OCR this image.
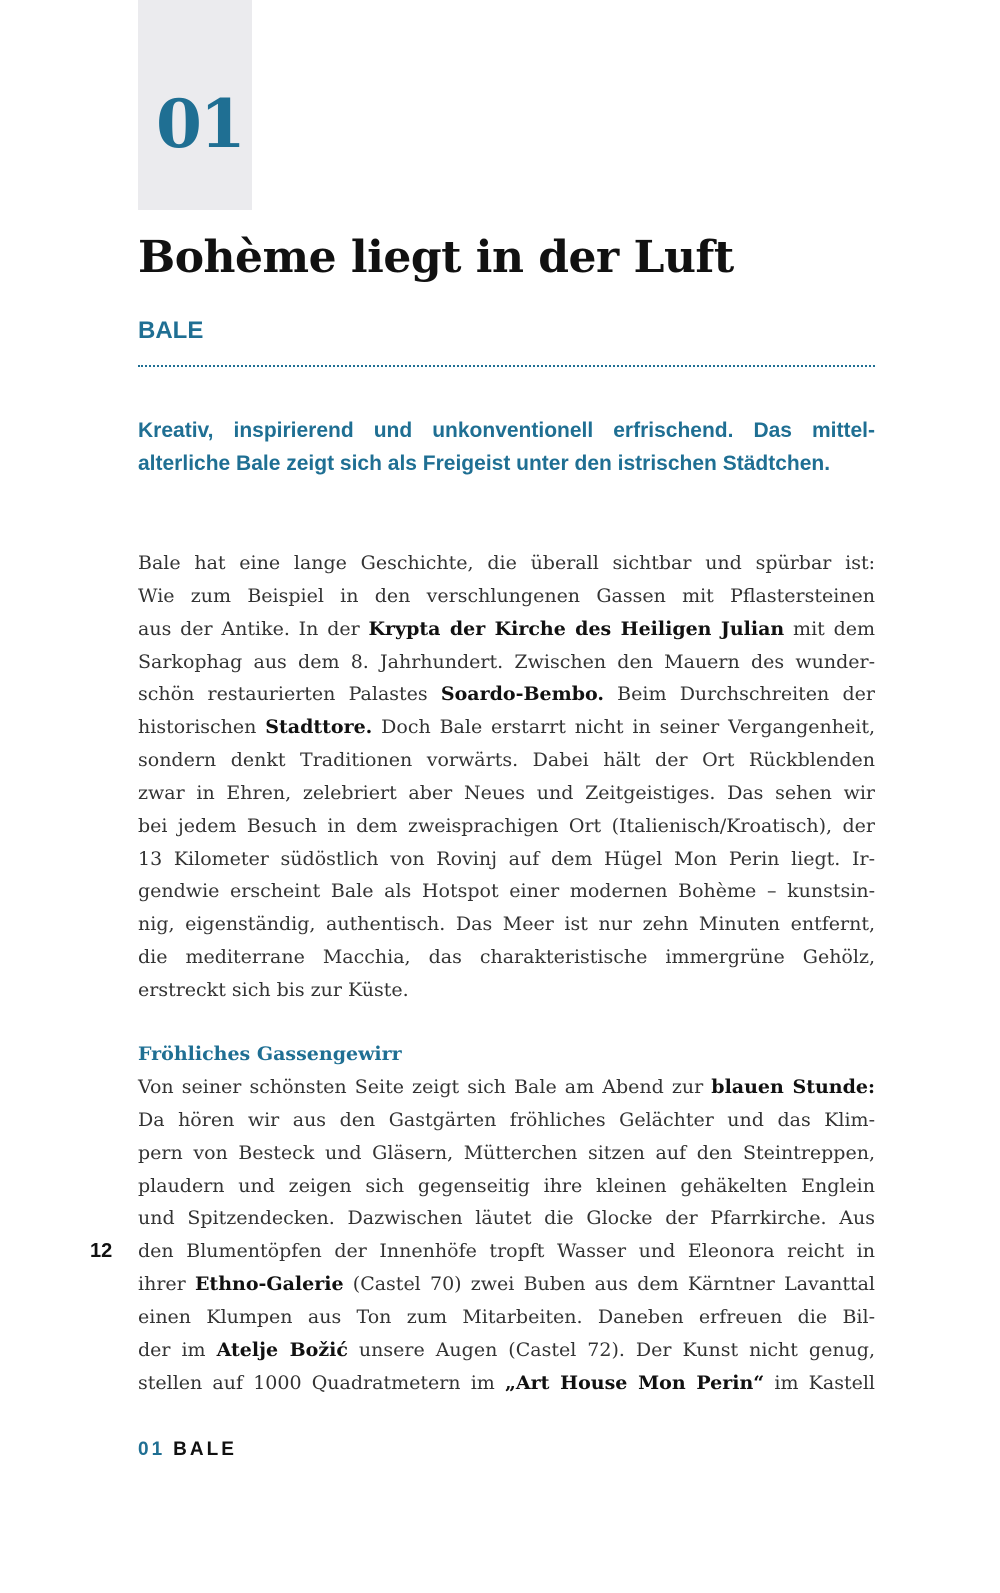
01
Bohème liegt in der Luft
BALE

Kreativ, inspirierend und unkonventionell erfrischend. Das mittel-
alterliche Bale zeigt sich als Freigeist unter den istrischen Städtchen.

Bale hat eine lange Geschichte, die überall sichtbar und spürbar ist:
Wie zum Beispiel in den verschlungenen Gassen mit Pflastersteinen
aus der Antike. In der Krypta der Kirche des Heiligen Julian mit dem
Sarkophag aus dem 8. Jahrhundert. Zwischen den Mauern des wunder-
schön restaurierten Palastes Soardo-Bembo. Beim Durchschreiten der
historischen Stadttore. Doch Bale erstarrt nicht in seiner Vergangenheit,
sondern denkt Traditionen vorwärts. Dabei hält der Ort Rückblenden
zwar in Ehren, zelebriert aber Neues und Zeitgeistiges. Das sehen wir
bei jedem Besuch in dem zweisprachigen Ort (Italienisch/Kroatisch), der
13 Kilometer südöstlich von Rovinj auf dem Hügel Mon Perin liegt. Ir-
gendwie erscheint Bale als Hotspot einer modernen Bohème – kunstsin-
nig, eigenständig, authentisch. Das Meer ist nur zehn Minuten entfernt,
die mediterrane Macchia, das charakteristische immergrüne Gehölz,
erstreckt sich bis zur Küste.

Fröhliches Gassengewirr

Von seiner schönsten Seite zeigt sich Bale am Abend zur blauen Stunde:
Da hören wir aus den Gastgärten fröhliches Gelächter und das Klim-
pern von Besteck und Gläsern, Mütterchen sitzen auf den Steintreppen,
plaudern und zeigen sich gegenseitig ihre kleinen gehäkelten Englein
und Spitzendecken. Dazwischen läutet die Glocke der Pfarrkirche. Aus
den Blumentöpfen der Innenhöfe tropft Wasser und Eleonora reicht in
ihrer Ethno-Galerie (Castel 70) zwei Buben aus dem Kärntner Lavanttal
einen Klumpen aus Ton zum Mitarbeiten. Daneben erfreuen die Bil-
der im Atelje Božić unsere Augen (Castel 72). Der Kunst nicht genug,
stellen auf 1000 Quadratmetern im „Art House Mon Perin“ im Kastell

12
01 BALE
